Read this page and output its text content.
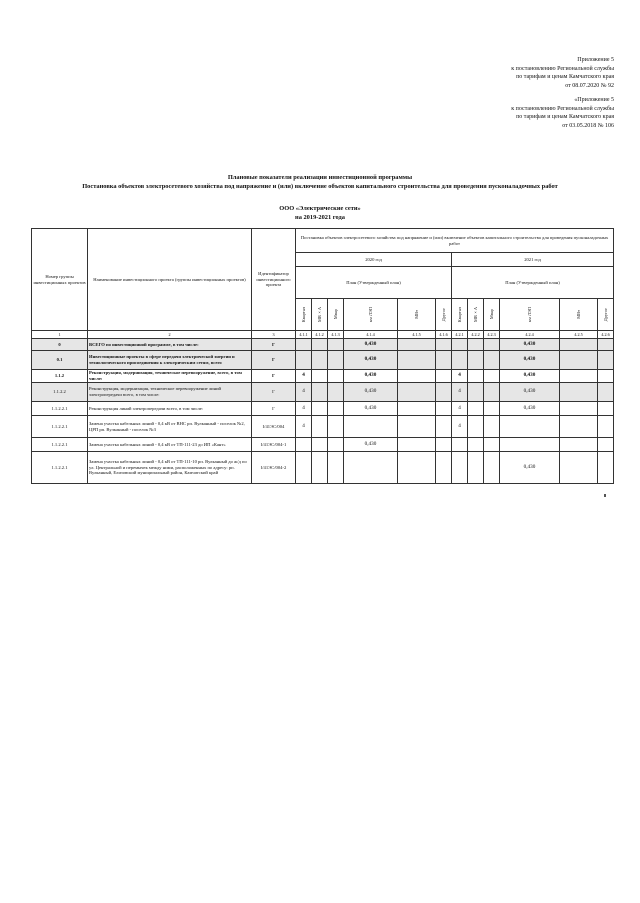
Приложение 5
к постановлению Региональной службы
по тарифам и ценам Камчатского края
от 08.07.2020 № 92
«Приложение 5
к постановлению Региональной службы
по тарифам и ценам Камчатского края
от 03.05.2018 № 106
Плановые показатели реализации инвестиционной программы
Постановка объектов электросетевого хозяйства под напряжение и (или) включение объектов капитального строительства для проведения пусконаладочных работ
ООО «Электрические сети»
на 2019-2021 года
Номер группы инвестиционных проектов	Наименование инвестиционного проекта (группы инвестиционных проектов)	Идентификатор инвестиционного проекта	Постановка объектов электросетевого хозяйства под напряжение и (или) включение объектов капитального строительства для проведения пусконаладочных работ											
			2020 год						2021 год					
			План (Утвержденный план)						План (Утвержденный план)					

			Квартал	МВ×А	Мвар	км ЛЭП	МВт	Другое	Квартал	МВ×А	Мвар	км ЛЭП	МВт	Другое

1	2	3	4.1.1	4.1.2	4.1.3	4.1.4	4.1.5	4.1.6	4.2.1	4.2.2	4.2.3	4.2.4	4.2.5	4.2.6
0	ВСЕГО по инвестиционной программе, в том числе:	Г				0,430						0,430		
0.1	Инвестиционные проекты в сфере передачи электрической энергии и технологического присоединения к электрическим сетям, всего	Г				0,430						0,430		
1.1.2	Реконструкция, модернизация, техническое перевооружение, всего, в том числе:	Г	4			0,430			4			0,430		
1.1.2.2	Реконструкция, модернизация, техническое перевооружение линий электропередачи всего, в том числе:	Г	4			0,430			4			0,430		
1.1.2.2.1	Реконструкция линий электропередачи всего, в том числе:	Г	4			0,430			4			0,430		
1.1.2.2.1	Замена участка кабельных линий - 0,4 кВ от ВНС рп. Вулканный - поселок №2, ЦРП рп. Вулканный - поселок №3	I/41ЭС/004	4						4					
1.1.2.2.1	Замена участка кабельных линий - 0,4 кВ от ТП-111-23 до ИП «Кант»	I/41ЭС/004-1				0,430								
1.1.2.2.1	Замена участка кабельных линий - 0,4 кВ от ТП-111-10 рп. Вулканный до ж/д по ул. Центральной и перемычек между ними, расположенных по адресу: рп. Вулканный, Елизовский муниципальный район, Камчатский край	I/41ЭС/004-2										0,430		
